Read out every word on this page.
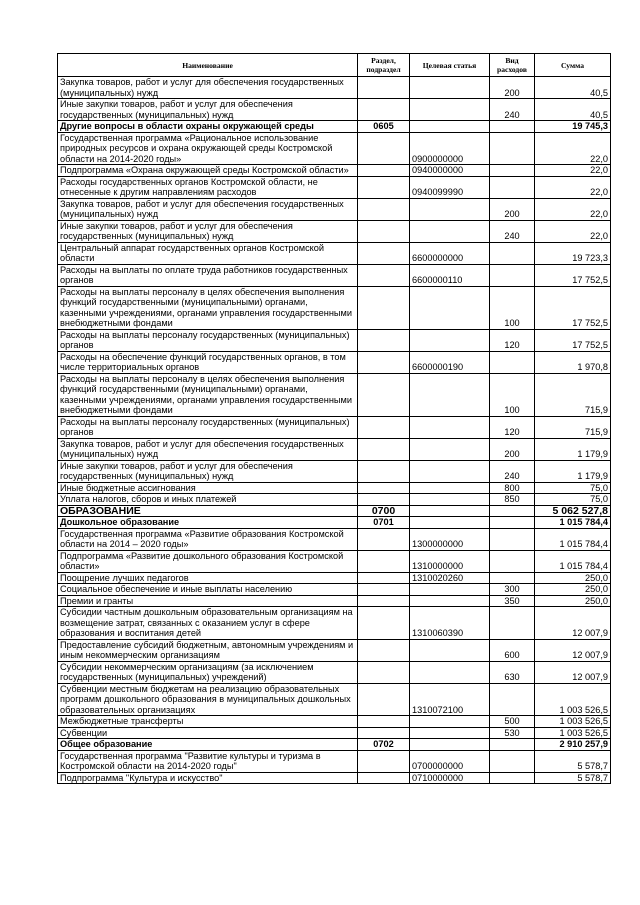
Наименование	Раздел, подраздел	Целевая статья	Вид расходов	Сумма
Закупка товаров, работ и услуг для обеспечения государственных (муниципальных) нужд			200	40,5
Иные закупки товаров, работ и услуг для обеспечения государственных (муниципальных) нужд			240	40,5
Другие вопросы в области охраны окружающей среды	0605			19 745,3
Государственная программа «Рациональное использование природных ресурсов и охрана окружающей среды Костромской области на 2014-2020 годы»		0900000000		22,0
Подпрограмма «Охрана окружающей среды Костромской области»		0940000000		22,0
Расходы государственных органов Костромской области, не отнесенные к другим направлениям расходов		0940099990		22,0
Закупка товаров, работ и услуг для обеспечения государственных (муниципальных) нужд			200	22,0
Иные закупки товаров, работ и услуг для обеспечения государственных (муниципальных) нужд			240	22,0
Центральный аппарат государственных органов Костромской области		6600000000		19 723,3
Расходы на выплаты по оплате труда работников государственных органов		6600000110		17 752,5
Расходы на выплаты персоналу в целях обеспечения выполнения функций государственными (муниципальными) органами, казенными учреждениями, органами управления государственными внебюджетными фондами			100	17 752,5
Расходы на выплаты персоналу государственных (муниципальных) органов			120	17 752,5
Расходы на обеспечение функций государственных органов, в том числе территориальных органов		6600000190		1 970,8
Расходы на выплаты персоналу в целях обеспечения выполнения функций государственными (муниципальными) органами, казенными учреждениями, органами управления государственными внебюджетными фондами			100	715,9
Расходы на выплаты персоналу государственных (муниципальных) органов			120	715,9
Закупка товаров, работ и услуг для обеспечения государственных (муниципальных) нужд			200	1 179,9
Иные закупки товаров, работ и услуг для обеспечения государственных (муниципальных) нужд			240	1 179,9
Иные бюджетные ассигнования			800	75,0
Уплата налогов, сборов и иных платежей			850	75,0
ОБРАЗОВАНИЕ	0700			5 062 527,8
Дошкольное образование	0701			1 015 784,4
Государственная программа «Развитие образования Костромской области на 2014 – 2020 годы»		1300000000		1 015 784,4
Подпрограмма «Развитие дошкольного образования Костромской области»		1310000000		1 015 784,4
Поощрение лучших педагогов		1310020260		250,0
Социальное обеспечение и иные выплаты населению			300	250,0
Премии и гранты			350	250,0
Субсидии частным дошкольным образовательным организациям на возмещение затрат, связанных с оказанием услуг в сфере образования и воспитания детей		1310060390		12 007,9
Предоставление субсидий бюджетным, автономным учреждениям и иным некоммерческим организациям			600	12 007,9
Субсидии некоммерческим организациям (за исключением государственных (муниципальных) учреждений)			630	12 007,9
Субвенции местным бюджетам на реализацию образовательных программ дошкольного образования в муниципальных дошкольных образовательных организациях		1310072100		1 003 526,5
Межбюджетные трансферты			500	1 003 526,5
Субвенции			530	1 003 526,5
Общее образование	0702			2 910 257,9
Государственная программа "Развитие культуры и туризма в Костромской области на 2014-2020 годы"		0700000000		5 578,7
Подпрограмма "Культура и искусство"		0710000000		5 578,7
